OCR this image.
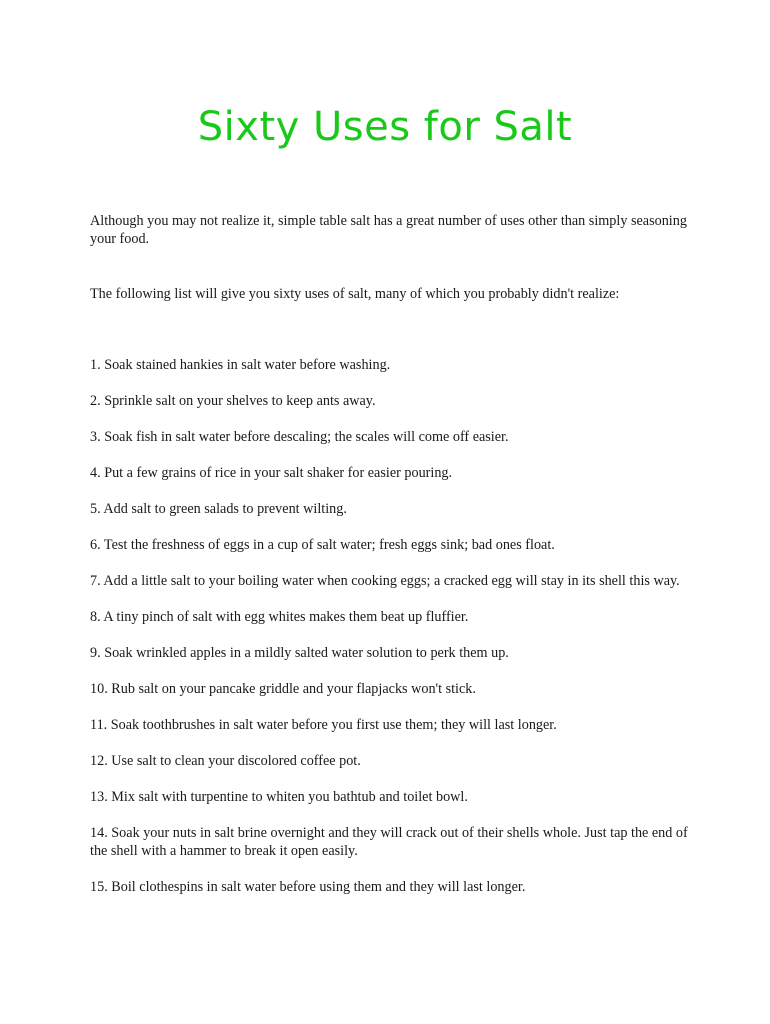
Sixty Uses for Salt

Although you may not realize it, simple table salt has a great number of uses other than simply seasoning your food.

The following list will give you sixty uses of salt, many of which you probably didn't realize:

1. Soak stained hankies in salt water before washing.
2. Sprinkle salt on your shelves to keep ants away.
3. Soak fish in salt water before descaling; the scales will come off easier.
4. Put a few grains of rice in your salt shaker for easier pouring.
5. Add salt to green salads to prevent wilting.
6. Test the freshness of eggs in a cup of salt water; fresh eggs sink; bad ones float.
7. Add a little salt to your boiling water when cooking eggs; a cracked egg will stay in its shell this way.
8. A tiny pinch of salt with egg whites makes them beat up fluffier.
9. Soak wrinkled apples in a mildly salted water solution to perk them up.
10. Rub salt on your pancake griddle and your flapjacks won't stick.
11. Soak toothbrushes in salt water before you first use them; they will last longer.
12. Use salt to clean your discolored coffee pot.
13. Mix salt with turpentine to whiten you bathtub and toilet bowl.
14. Soak your nuts in salt brine overnight and they will crack out of their shells whole. Just tap the end of the shell with a hammer to break it open easily.
15. Boil clothespins in salt water before using them and they will last longer.
